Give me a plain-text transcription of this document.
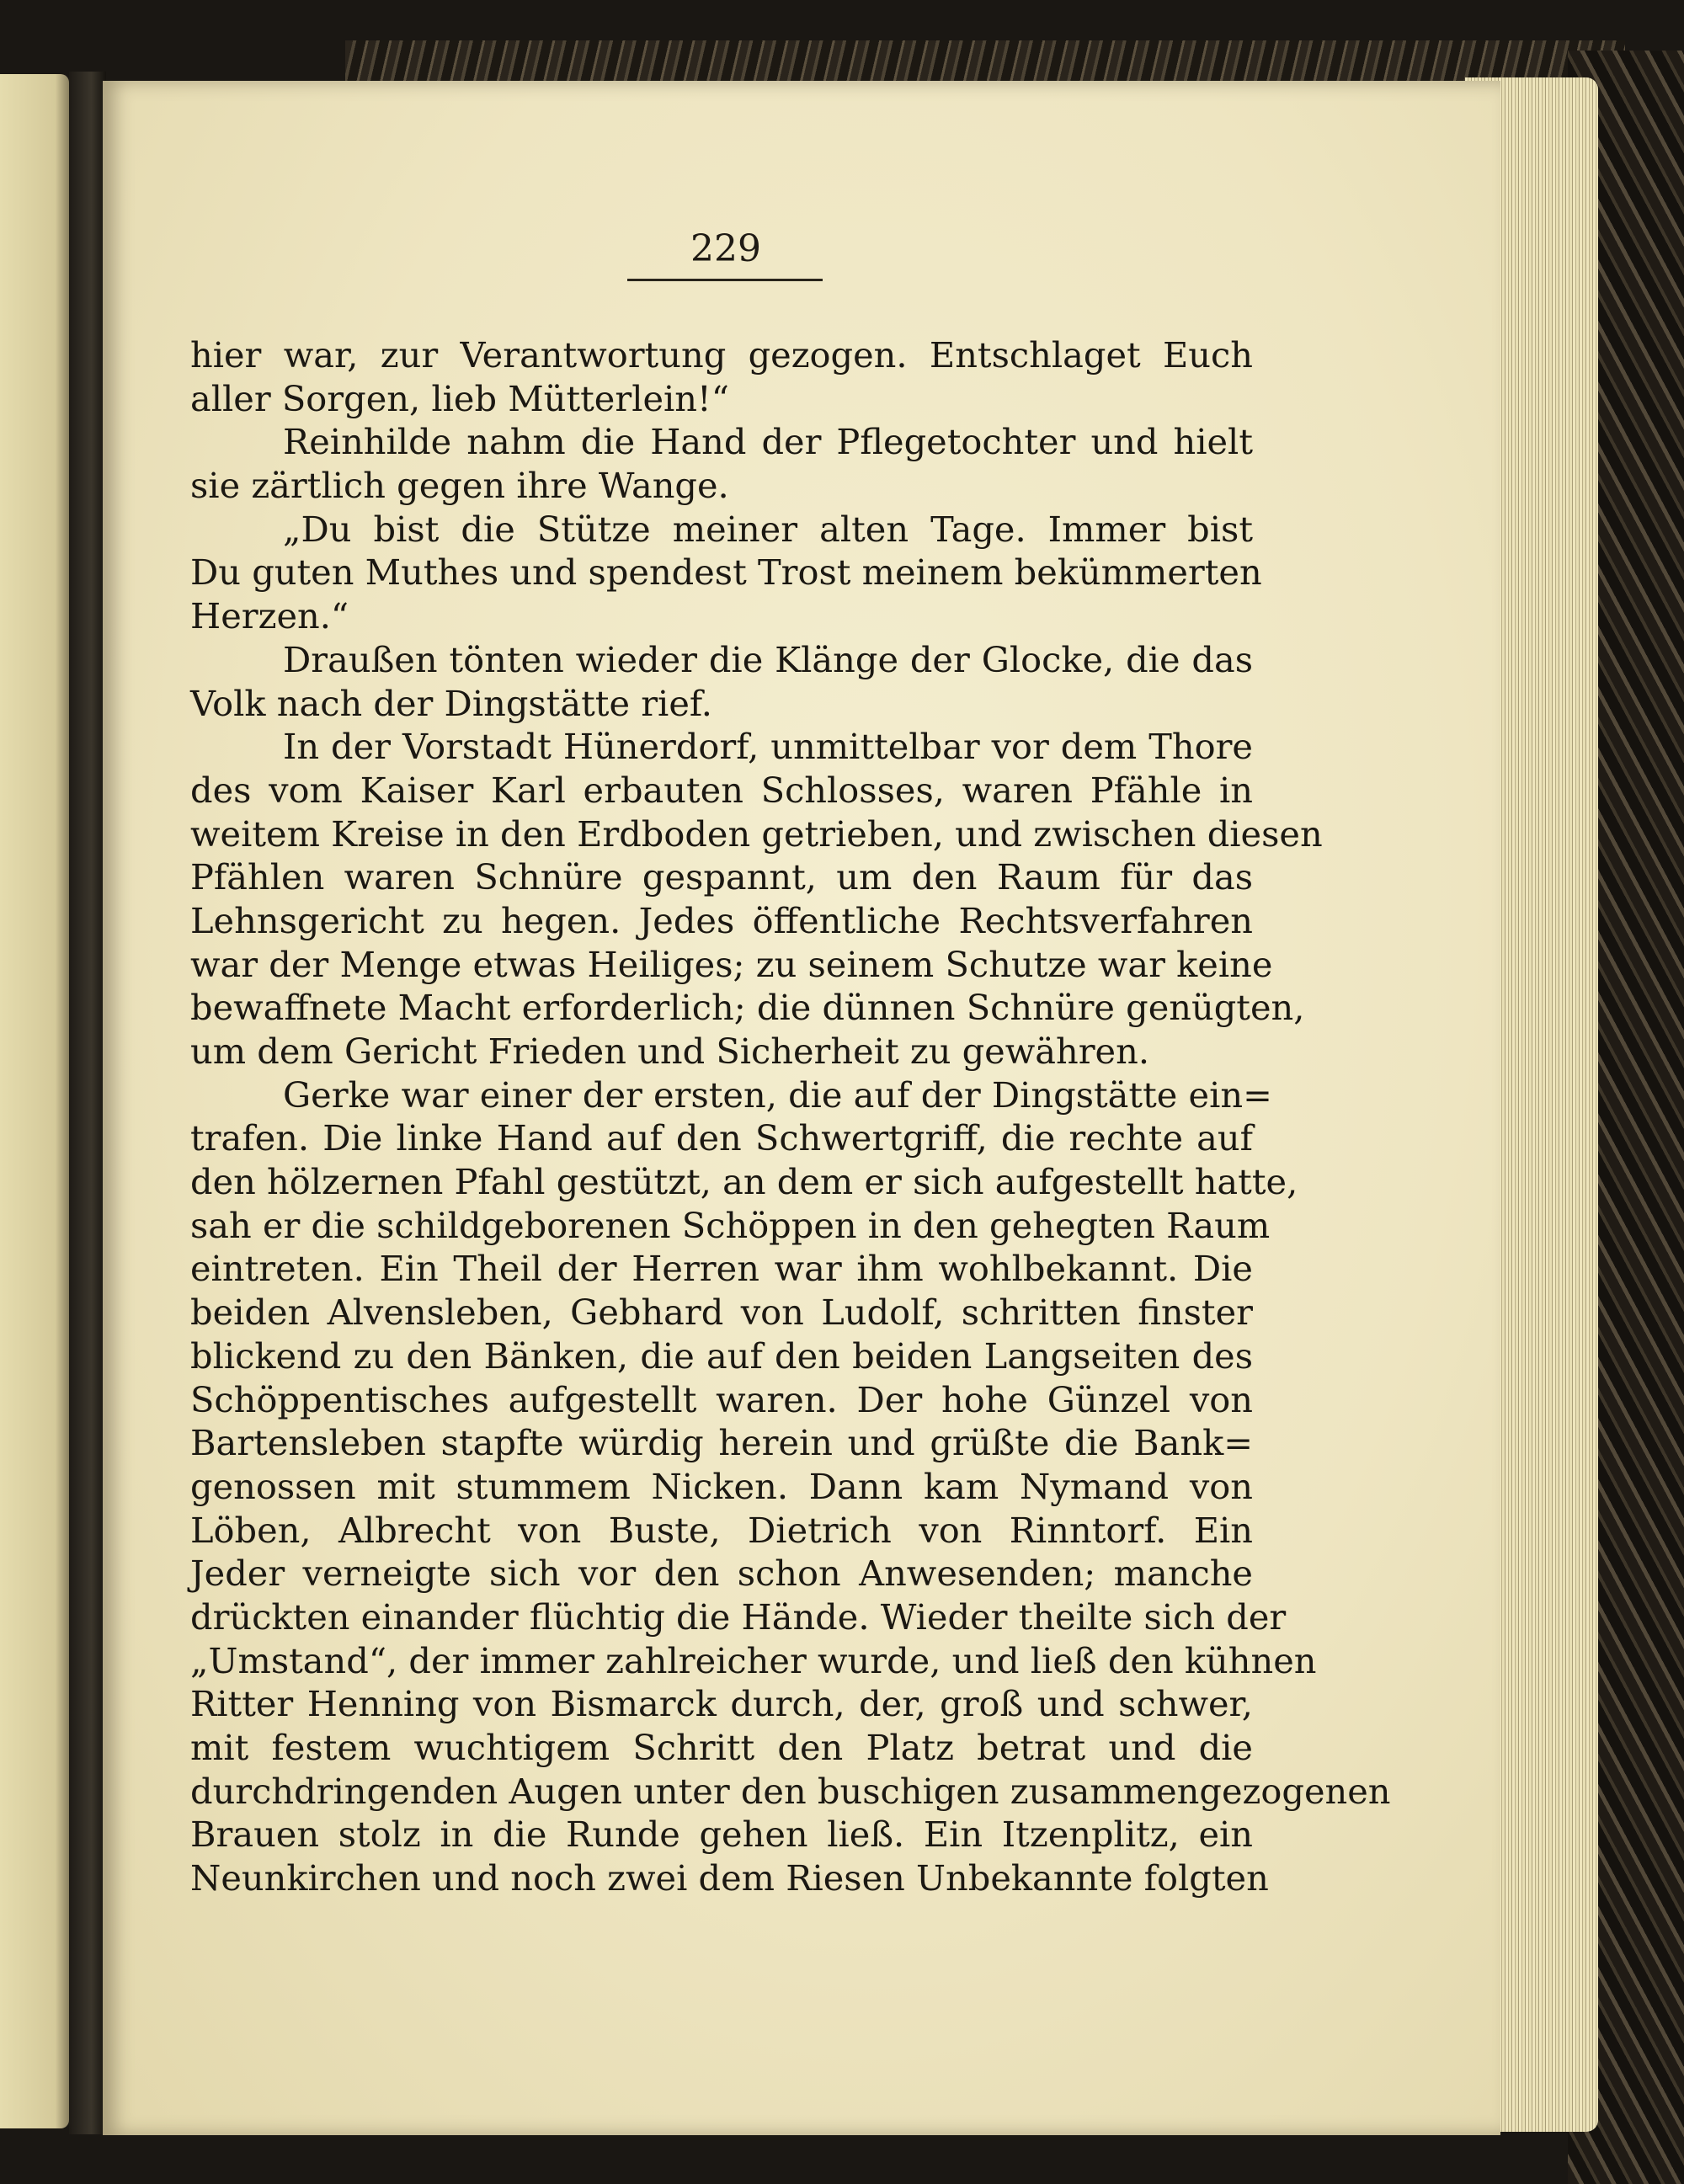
229
hier war, zur Verantwortung gezogen. Entschlaget Euch
aller Sorgen, lieb Mütterlein!“
Reinhilde nahm die Hand der Pflegetochter und hielt
sie zärtlich gegen ihre Wange.
„Du bist die Stütze meiner alten Tage. Immer bist
Du guten Muthes und spendest Trost meinem bekümmerten
Herzen.“
Draußen tönten wieder die Klänge der Glocke, die das
Volk nach der Dingstätte rief.
In der Vorstadt Hünerdorf, unmittelbar vor dem Thore
des vom Kaiser Karl erbauten Schlosses, waren Pfähle in
weitem Kreise in den Erdboden getrieben, und zwischen diesen
Pfählen waren Schnüre gespannt, um den Raum für das
Lehnsgericht zu hegen. Jedes öffentliche Rechtsverfahren
war der Menge etwas Heiliges; zu seinem Schutze war keine
bewaffnete Macht erforderlich; die dünnen Schnüre genügten,
um dem Gericht Frieden und Sicherheit zu gewähren.
Gerke war einer der ersten, die auf der Dingstätte ein=
trafen. Die linke Hand auf den Schwertgriff, die rechte auf
den hölzernen Pfahl gestützt, an dem er sich aufgestellt hatte,
sah er die schildgeborenen Schöppen in den gehegten Raum
eintreten. Ein Theil der Herren war ihm wohlbekannt. Die
beiden Alvensleben, Gebhard von Ludolf, schritten finster
blickend zu den Bänken, die auf den beiden Langseiten des
Schöppentisches aufgestellt waren. Der hohe Günzel von
Bartensleben stapfte würdig herein und grüßte die Bank=
genossen mit stummem Nicken. Dann kam Nymand von
Löben, Albrecht von Buste, Dietrich von Rinntorf. Ein
Jeder verneigte sich vor den schon Anwesenden; manche
drückten einander flüchtig die Hände. Wieder theilte sich der
„Umstand“, der immer zahlreicher wurde, und ließ den kühnen
Ritter Henning von Bismarck durch, der, groß und schwer,
mit festem wuchtigem Schritt den Platz betrat und die
durchdringenden Augen unter den buschigen zusammengezogenen
Brauen stolz in die Runde gehen ließ. Ein Itzenplitz, ein
Neunkirchen und noch zwei dem Riesen Unbekannte folgten
